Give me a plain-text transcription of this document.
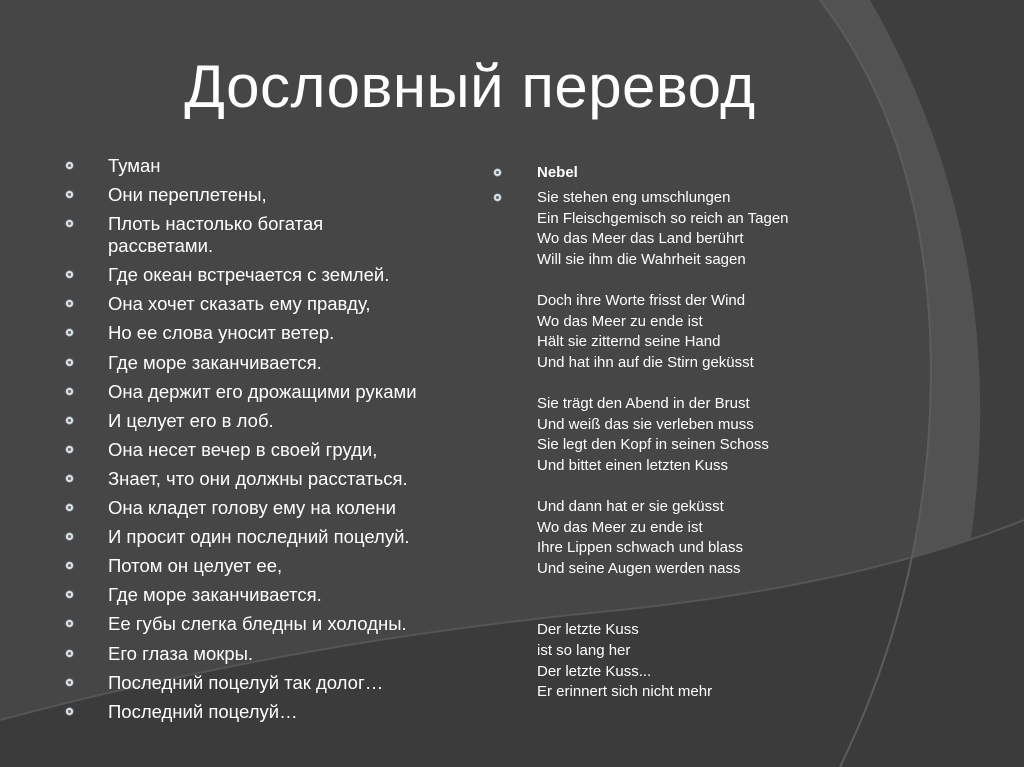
Дословный перевод
Туман
Они переплетены,
Плоть настолько богатая рассветами.
Где океан встречается с землей.
Она хочет сказать ему правду,
Но ее слова уносит ветер.
Где море заканчивается.
Она держит его дрожащими руками
И целует его в лоб.
Она несет вечер в своей груди,
Знает, что они должны расстаться.
Она кладет голову ему на колени
И просит один последний поцелуй.
Потом он целует ее,
Где море заканчивается.
Ее губы слегка бледны и холодны.
Его глаза мокры.
Последний поцелуй так долог…
Последний поцелуй…
Nebel
Sie stehen eng umschlungen
Ein Fleischgemisch so reich an Tagen
Wo das Meer das Land berührt
Will sie ihm die Wahrheit sagen
Doch ihre Worte frisst der Wind
Wo das Meer zu ende ist
Hält sie zitternd seine Hand
Und hat ihn auf die Stirn geküsst
Sie trägt den Abend in der Brust
Und weiß das sie verleben muss
Sie legt den Kopf in seinen Schoss
Und bittet einen letzten Kuss
Und dann hat er sie geküsst
Wo das Meer zu ende ist
Ihre Lippen schwach und blass
Und seine Augen werden nass
Der letzte Kuss
ist so lang her
Der letzte Kuss...
Er erinnert sich nicht mehr
